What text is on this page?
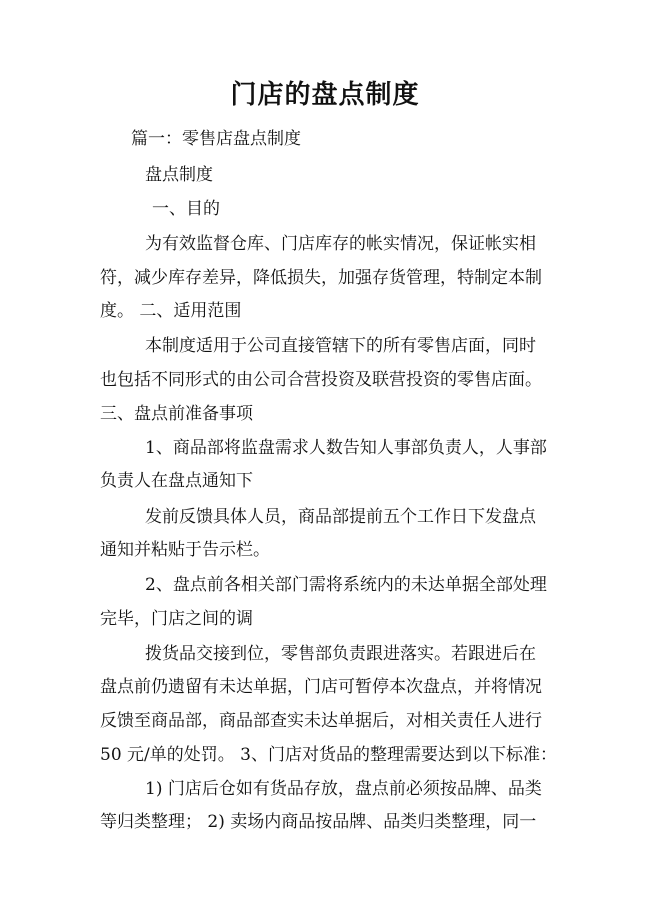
门店的盘点制度
篇一：零售店盘点制度
盘点制度
一、目的
为有效监督仓库、门店库存的帐实情况，保证帐实相
符，减少库存差异，降低损失，加强存货管理，特制定本制
度。 二、适用范围
本制度适用于公司直接管辖下的所有零售店面，同时
也包括不同形式的由公司合营投资及联营投资的零售店面。
三、盘点前准备事项
1、商品部将监盘需求人数告知人事部负责人，人事部
负责人在盘点通知下
发前反馈具体人员，商品部提前五个工作日下发盘点
通知并粘贴于告示栏。
2、盘点前各相关部门需将系统内的未达单据全部处理
完毕，门店之间的调
拨货品交接到位，零售部负责跟进落实。若跟进后在
盘点前仍遗留有未达单据，门店可暂停本次盘点，并将情况
反馈至商品部，商品部查实未达单据后，对相关责任人进行
50 元/单的处罚。 3、门店对货品的整理需要达到以下标准：
1) 门店后仓如有货品存放，盘点前必须按品牌、品类
等归类整理； 2) 卖场内商品按品牌、品类归类整理，同一
